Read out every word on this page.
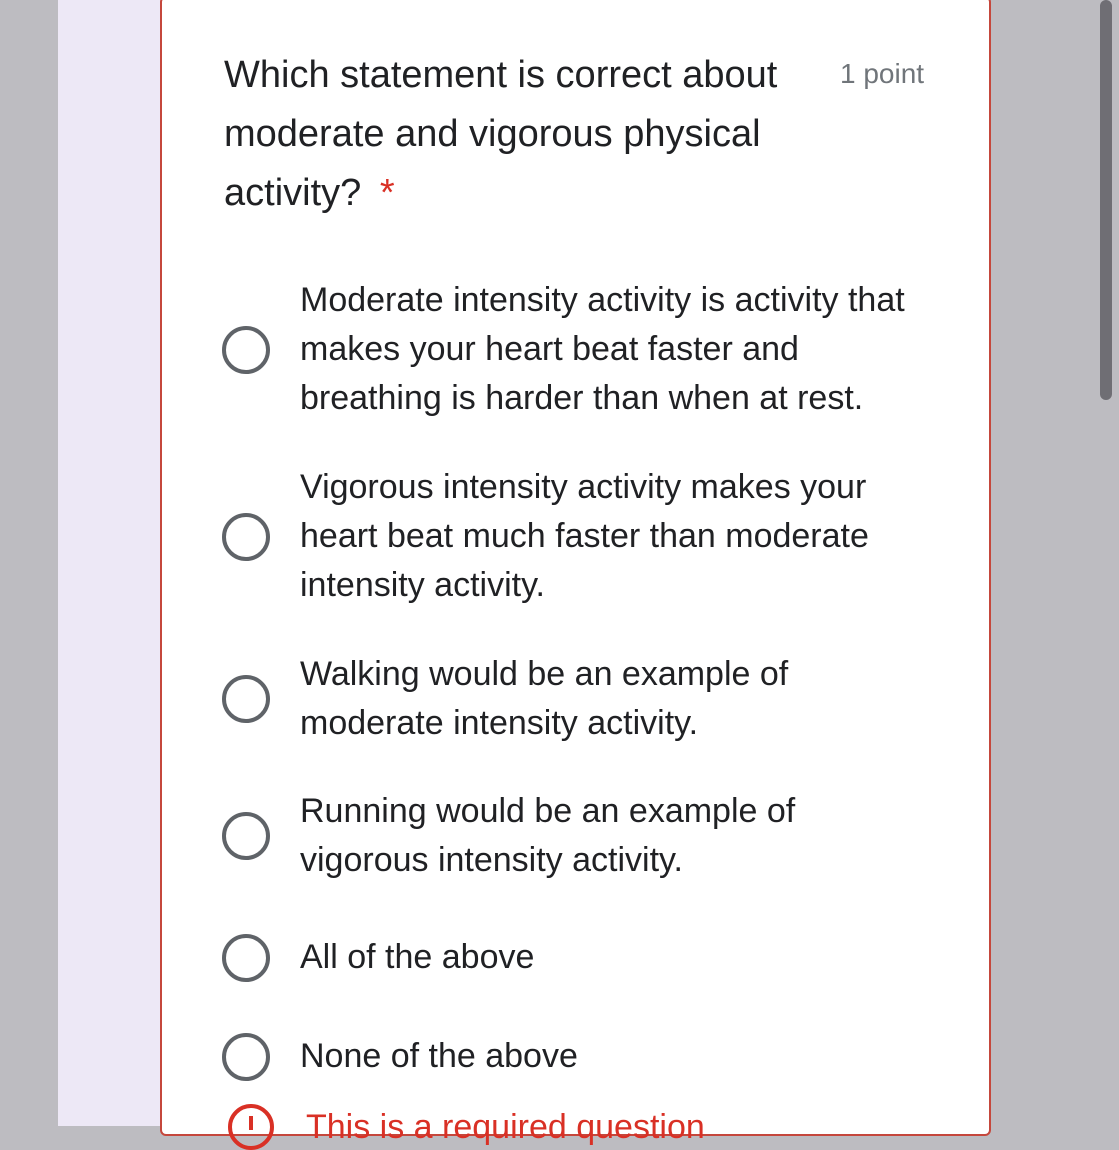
Which statement is correct about moderate and vigorous physical activity? *
1 point
Moderate intensity activity is activity that makes your heart beat faster and breathing is harder than when at rest.
Vigorous intensity activity makes your heart beat much faster than moderate intensity activity.
Walking would be an example of moderate intensity activity.
Running would be an example of vigorous intensity activity.
All of the above
None of the above
This is a required question
